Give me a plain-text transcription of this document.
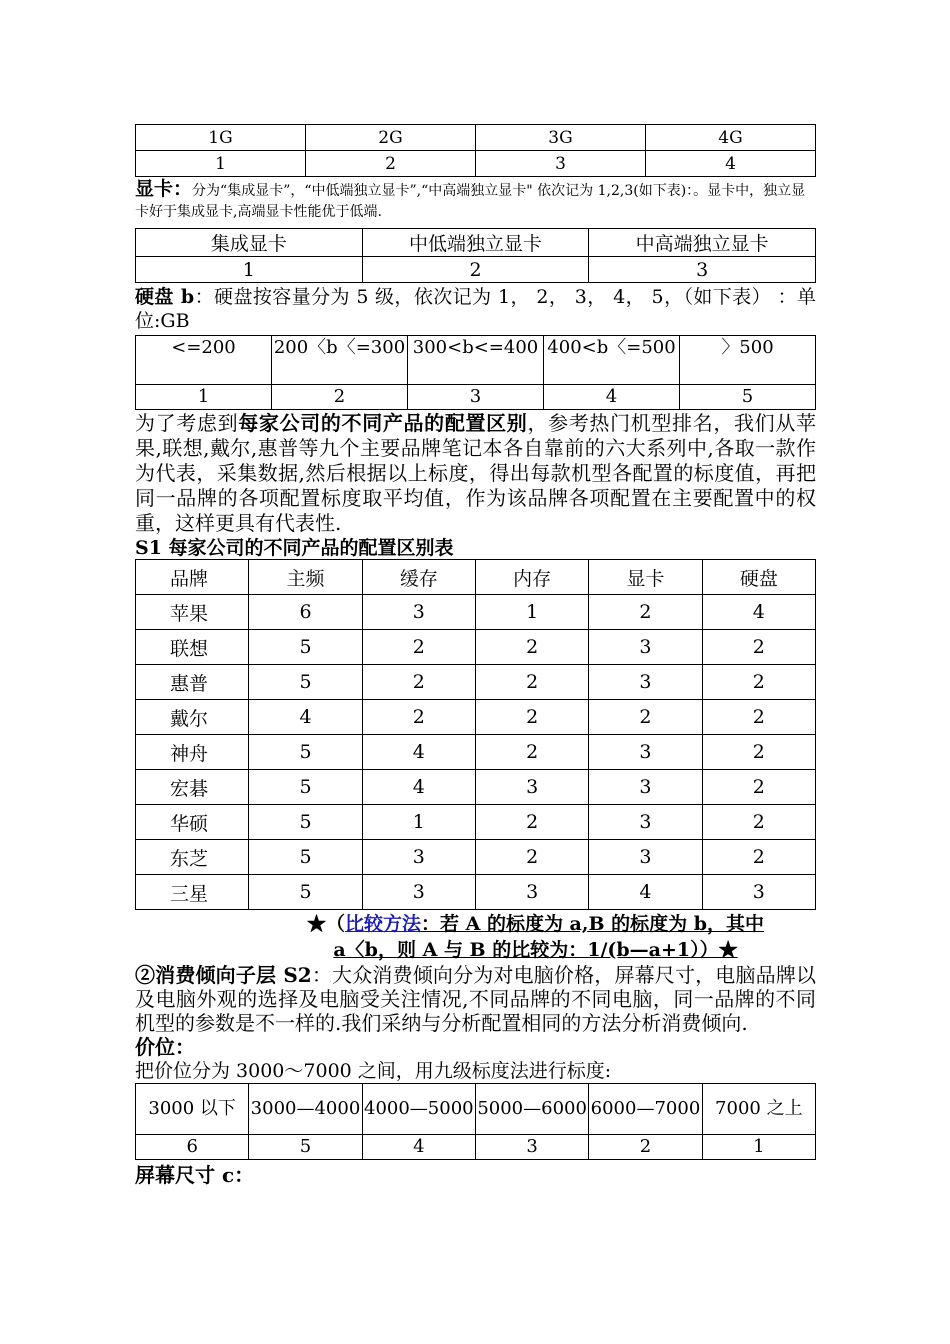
1G	2G	3G	4G
1	2	3	4
显卡：分为“集成显卡”，“中低端独立显卡”,“中高端独立显卡" 依次记为 1,2,3(如下表)：。显卡中，独立显卡好于集成显卡,高端显卡性能优于低端.
集成显卡	中低端独立显卡	中高端独立显卡
1	2	3
硬盘 b：硬盘按容量分为 5 级，依次记为 1， 2， 3， 4， 5，（如下表） ：单位:GB
<=200	200〈b〈=300	300<b<=400	400<b〈=500	〉500
1	2	3	4	5
为了考虑到每家公司的不同产品的配置区别，参考热门机型排名，我们从苹果,联想,戴尔,惠普等九个主要品牌笔记本各自靠前的六大系列中,各取一款作为代表，采集数据,然后根据以上标度，得出每款机型各配置的标度值，再把同一品牌的各项配置标度取平均值，作为该品牌各项配置在主要配置中的权重，这样更具有代表性.
S1 每家公司的不同产品的配置区别表
品牌	主频	缓存	内存	显卡	硬盘
苹果	6	3	1	2	4
联想	5	2	2	3	2
惠普	5	2	2	3	2
戴尔	4	2	2	2	2
神舟	5	4	2	3	2
宏碁	5	4	3	3	2
华硕	5	1	2	3	2
东芝	5	3	2	3	2
三星	5	3	3	4	3
★（比较方法：若 A 的标度为 a,B 的标度为 b，其中
a〈b，则 A 与 B 的比较为：1/(b—a+1））★
②消费倾向子层 S2：大众消费倾向分为对电脑价格，屏幕尺寸，电脑品牌以及电脑外观的选择及电脑受关注情况,不同品牌的不同电脑，同一品牌的不同机型的参数是不一样的.我们采纳与分析配置相同的方法分析消费倾向.
价位：
把价位分为 3000～7000 之间，用九级标度法进行标度:
3000 以下	3000—4000	4000—5000	5000—6000	6000—7000	7000 之上
6	5	4	3	2	1
屏幕尺寸 c：
